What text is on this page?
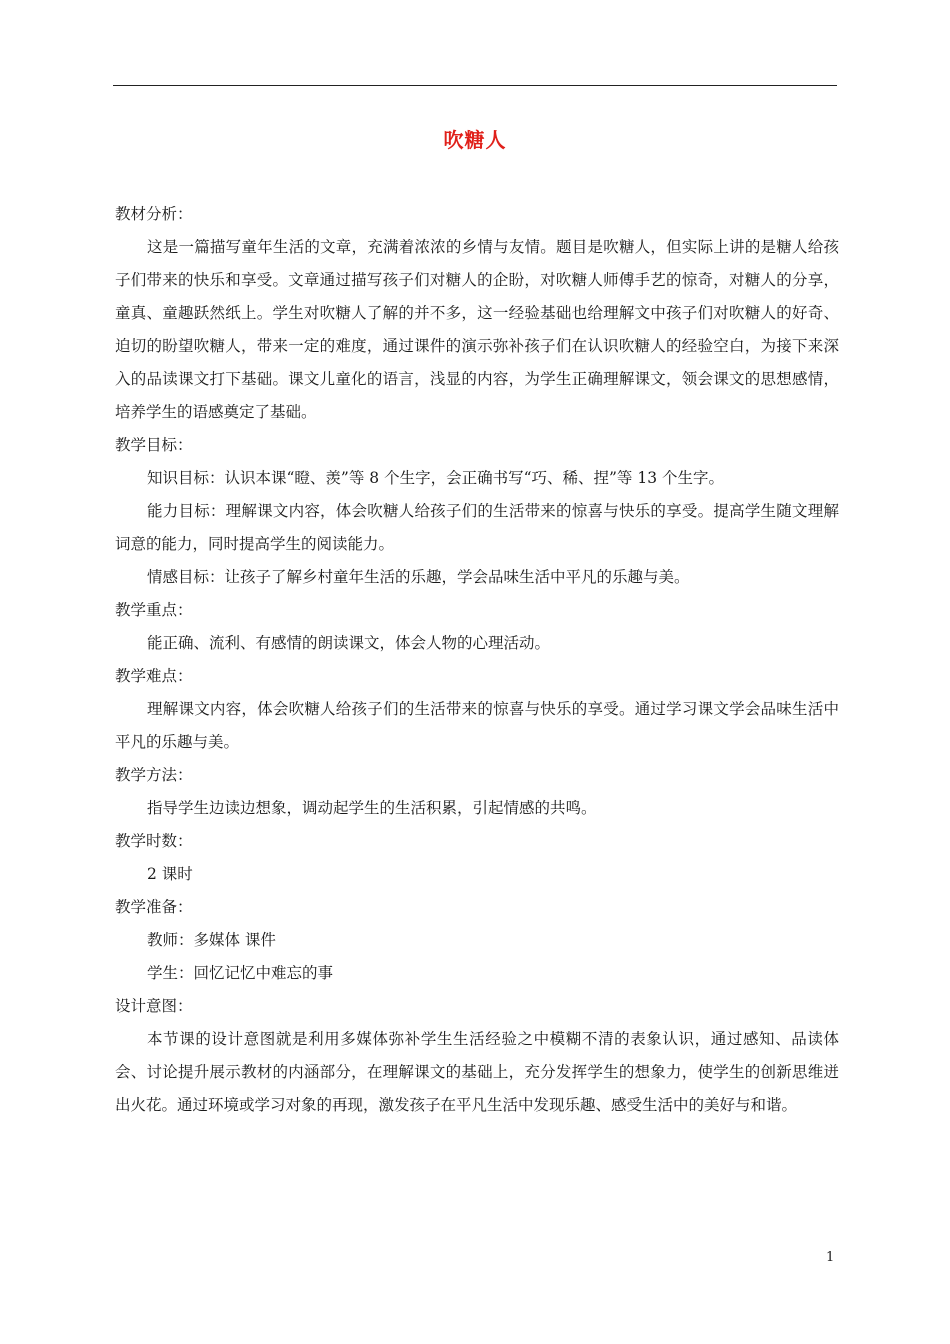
吹糖人

教材分析：

这是一篇描写童年生活的文章，充满着浓浓的乡情与友情。题目是吹糖人，但实际上讲的是糖人给孩子们带来的快乐和享受。文章通过描写孩子们对糖人的企盼，对吹糖人师傅手艺的惊奇，对糖人的分享，童真、童趣跃然纸上。学生对吹糖人了解的并不多，这一经验基础也给理解文中孩子们对吹糖人的好奇、迫切的盼望吹糖人，带来一定的难度，通过课件的演示弥补孩子们在认识吹糖人的经验空白，为接下来深入的品读课文打下基础。课文儿童化的语言，浅显的内容，为学生正确理解课文，领会课文的思想感情，培养学生的语感奠定了基础。

教学目标：

知识目标：认识本课“瞪、羡”等 8 个生字，会正确书写“巧、稀、捏”等 13 个生字。

能力目标：理解课文内容，体会吹糖人给孩子们的生活带来的惊喜与快乐的享受。提高学生随文理解词意的能力，同时提高学生的阅读能力。

情感目标：让孩子了解乡村童年生活的乐趣，学会品味生活中平凡的乐趣与美。

教学重点：

能正确、流利、有感情的朗读课文，体会人物的心理活动。

教学难点：

理解课文内容，体会吹糖人给孩子们的生活带来的惊喜与快乐的享受。通过学习课文学会品味生活中平凡的乐趣与美。

教学方法：

指导学生边读边想象，调动起学生的生活积累，引起情感的共鸣。

教学时数：

2 课时

教学准备：

教师：多媒体 课件

学生：回忆记忆中难忘的事

设计意图：

本节课的设计意图就是利用多媒体弥补学生生活经验之中模糊不清的表象认识，通过感知、品读体会、讨论提升展示教材的内涵部分，在理解课文的基础上，充分发挥学生的想象力，使学生的创新思维迸出火花。通过环境或学习对象的再现，激发孩子在平凡生活中发现乐趣、感受生活中的美好与和谐。

1
